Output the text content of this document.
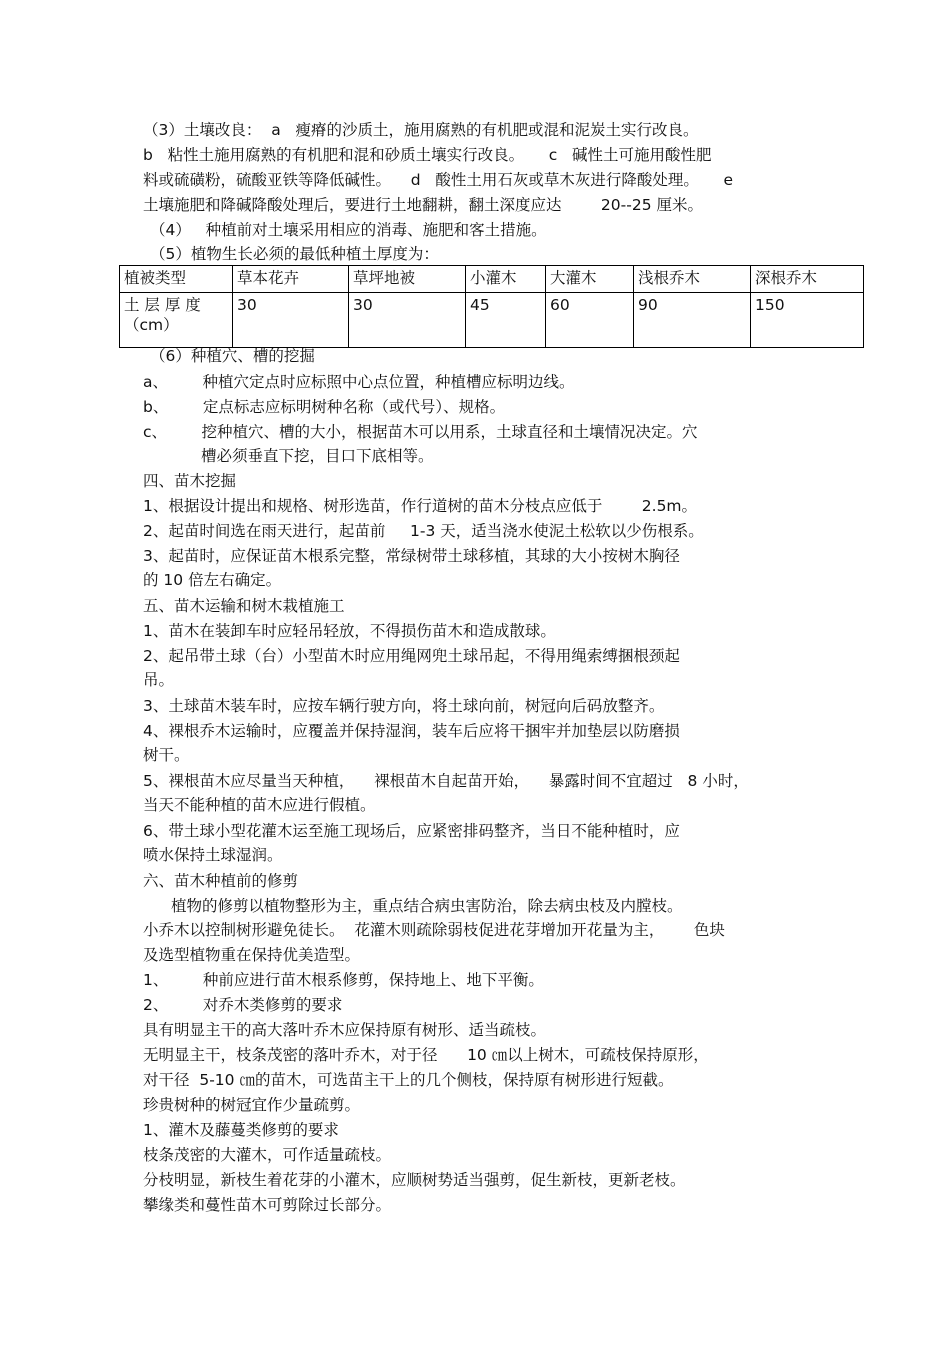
（3）土壤改良：  a   瘦瘠的沙质土，施用腐熟的有机肥或混和泥炭土实行改良。

b   粘性土施用腐熟的有机肥和混和砂质土壤实行改良。     c   碱性土可施用酸性肥

料或硫磺粉，硫酸亚铁等降低碱性。    d   酸性土用石灰或草木灰进行降酸处理。     e

土壤施肥和降碱降酸处理后，要进行土地翻耕，翻土深度应达        20--25 厘米。

（4）   种植前对土壤采用相应的消毒、施肥和客土措施。

（5）植物生长必须的最低种植土厚度为：

植被类型	草本花卉	草坪地被	小灌木	大灌木	浅根乔木	深根乔木

土 层 厚 度
（cm）	30	30	45	60	90	150

（6）种植穴、槽的挖掘

a、       种植穴定点时应标照中心点位置，种植槽应标明边线。

b、       定点标志应标明树种名称（或代号）、规格。

c、       挖种植穴、槽的大小，根据苗木可以用系，土球直径和土壤情况决定。穴

槽必须垂直下挖，目口下底相等。

四、苗木挖掘

1、根据设计提出和规格、树形选苗，作行道树的苗木分枝点应低于        2.5m。

2、起苗时间选在雨天进行，起苗前     1-3 天，适当浇水使泥土松软以少伤根系。

3、起苗时，应保证苗木根系完整，常绿树带土球移植，其球的大小按树木胸径

的 10 倍左右确定。

五、苗木运输和树木栽植施工

1、苗木在装卸车时应轻吊轻放，不得损伤苗木和造成散球。

2、起吊带土球（台）小型苗木时应用绳网兜土球吊起，不得用绳索缚捆根颈起

吊。

3、土球苗木装车时，应按车辆行驶方向，将土球向前，树冠向后码放整齐。

4、裸根乔木运输时，应覆盖并保持湿润，装车后应将干捆牢并加垫层以防磨损

树干。

5、裸根苗木应尽量当天种植，    裸根苗木自起苗开始，    暴露时间不宜超过   8 小时，

当天不能种植的苗木应进行假植。

6、带土球小型花灌木运至施工现场后，应紧密排码整齐，当日不能种植时，应

喷水保持土球湿润。

六、苗木种植前的修剪

植物的修剪以植物整形为主，重点结合病虫害防治，除去病虫枝及内膛枝。

小乔木以控制树形避免徒长。  花灌木则疏除弱枝促进花芽增加开花量为主，      色块

及选型植物重在保持优美造型。

1、       种前应进行苗木根系修剪，保持地上、地下平衡。

2、       对乔木类修剪的要求

具有明显主干的高大落叶乔木应保持原有树形、适当疏枝。

无明显主干，枝条茂密的落叶乔木，对于径      10 ㎝以上树木，可疏枝保持原形，

对干径  5-10 ㎝的苗木，可选苗主干上的几个侧枝，保持原有树形进行短截。

珍贵树种的树冠宜作少量疏剪。

1、灌木及藤蔓类修剪的要求

枝条茂密的大灌木，可作适量疏枝。

分枝明显，新枝生着花芽的小灌木，应顺树势适当强剪，促生新枝，更新老枝。

攀缘类和蔓性苗木可剪除过长部分。
